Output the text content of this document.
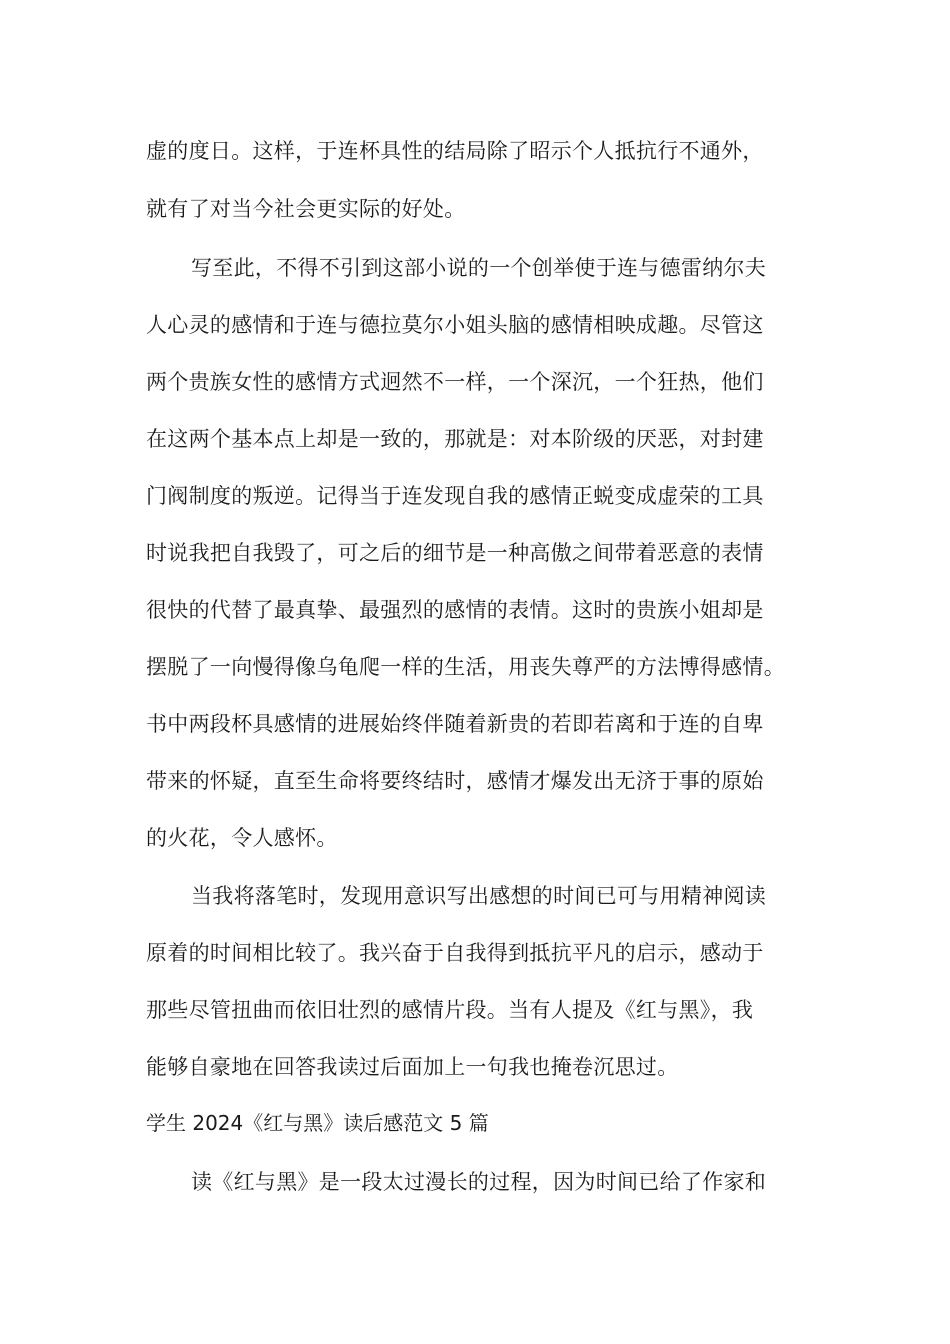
虚的度日。这样，于连杯具性的结局除了昭示个人抵抗行不通外，
就有了对当今社会更实际的好处。
写至此，不得不引到这部小说的一个创举使于连与德雷纳尔夫
人心灵的感情和于连与德拉莫尔小姐头脑的感情相映成趣。尽管这
两个贵族女性的感情方式迥然不一样，一个深沉，一个狂热，他们
在这两个基本点上却是一致的，那就是：对本阶级的厌恶，对封建
门阀制度的叛逆。记得当于连发现自我的感情正蜕变成虚荣的工具
时说我把自我毁了，可之后的细节是一种高傲之间带着恶意的表情
很快的代替了最真挚、最强烈的感情的表情。这时的贵族小姐却是
摆脱了一向慢得像乌龟爬一样的生活，用丧失尊严的方法博得感情。
书中两段杯具感情的进展始终伴随着新贵的若即若离和于连的自卑
带来的怀疑，直至生命将要终结时，感情才爆发出无济于事的原始
的火花，令人感怀。
当我将落笔时，发现用意识写出感想的时间已可与用精神阅读
原着的时间相比较了。我兴奋于自我得到抵抗平凡的启示，感动于
那些尽管扭曲而依旧壮烈的感情片段。当有人提及《红与黑》，我
能够自豪地在回答我读过后面加上一句我也掩卷沉思过。
学生 2024《红与黑》读后感范文 5 篇
读《红与黑》是一段太过漫长的过程，因为时间已给了作家和
